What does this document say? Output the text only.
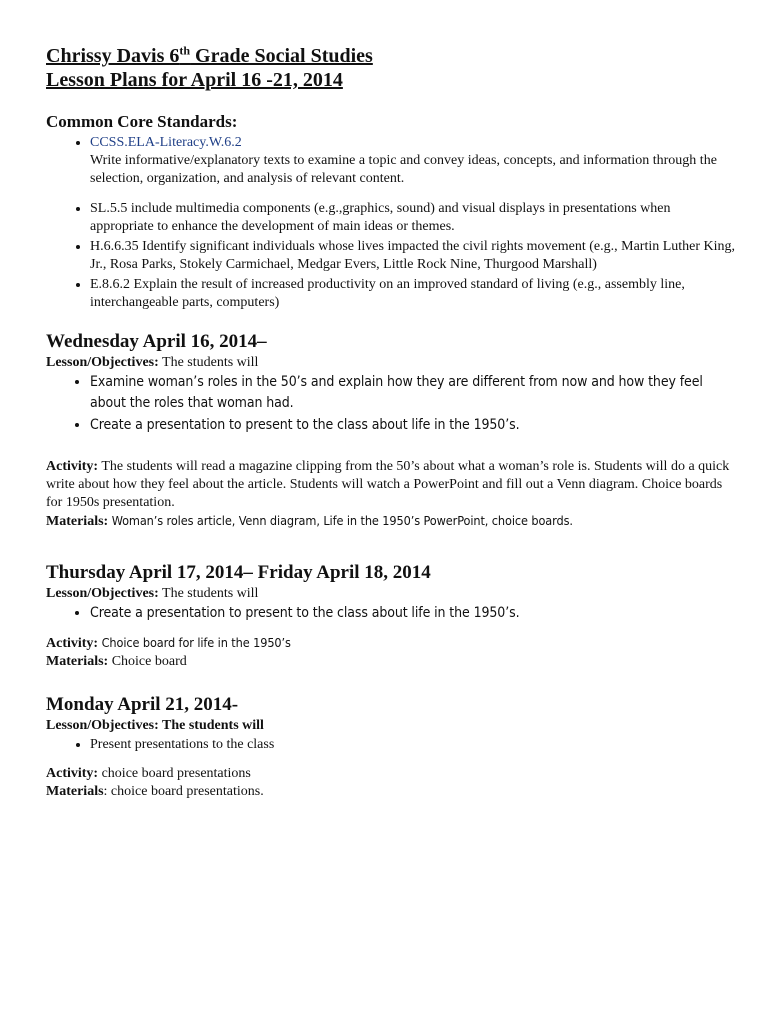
Chrissy Davis 6th Grade Social Studies

Lesson Plans for April 16 -21, 2014

Common Core Standards:

• CCSS.ELA-Literacy.W.6.2
Write informative/explanatory texts to examine a topic and convey ideas, concepts, and information through the selection, organization, and analysis of relevant content.
• SL.5.5 include multimedia components (e.g.,graphics, sound) and visual displays in presentations when appropriate to enhance the development of main ideas or themes.
• H.6.6.35 Identify significant individuals whose lives impacted the civil rights movement (e.g., Martin Luther King, Jr., Rosa Parks, Stokely Carmichael, Medgar Evers, Little Rock Nine, Thurgood Marshall)
• E.8.6.2 Explain the result of increased productivity on an improved standard of living (e.g., assembly line, interchangeable parts, computers)

Wednesday April 16, 2014–

Lesson/Objectives: The students will

• Examine woman’s roles in the 50’s and explain how they are different from now and how they feel about the roles that woman had.
• Create a presentation to present to the class about life in the 1950’s.

Activity: The students will read a magazine clipping from the 50’s about what a woman’s role is. Students will do a quick write about how they feel about the article. Students will watch a PowerPoint and fill out a Venn diagram. Choice boards for 1950s presentation.

Materials: Woman’s roles article, Venn diagram, Life in the 1950’s PowerPoint, choice boards.

Thursday April 17, 2014– Friday April 18, 2014

Lesson/Objectives: The students will

• Create a presentation to present to the class about life in the 1950’s.

Activity: Choice board for life in the 1950’s

Materials: Choice board

Monday April 21, 2014-

Lesson/Objectives: The students will

• Present presentations to the class

Activity: choice board presentations

Materials: choice board presentations.
